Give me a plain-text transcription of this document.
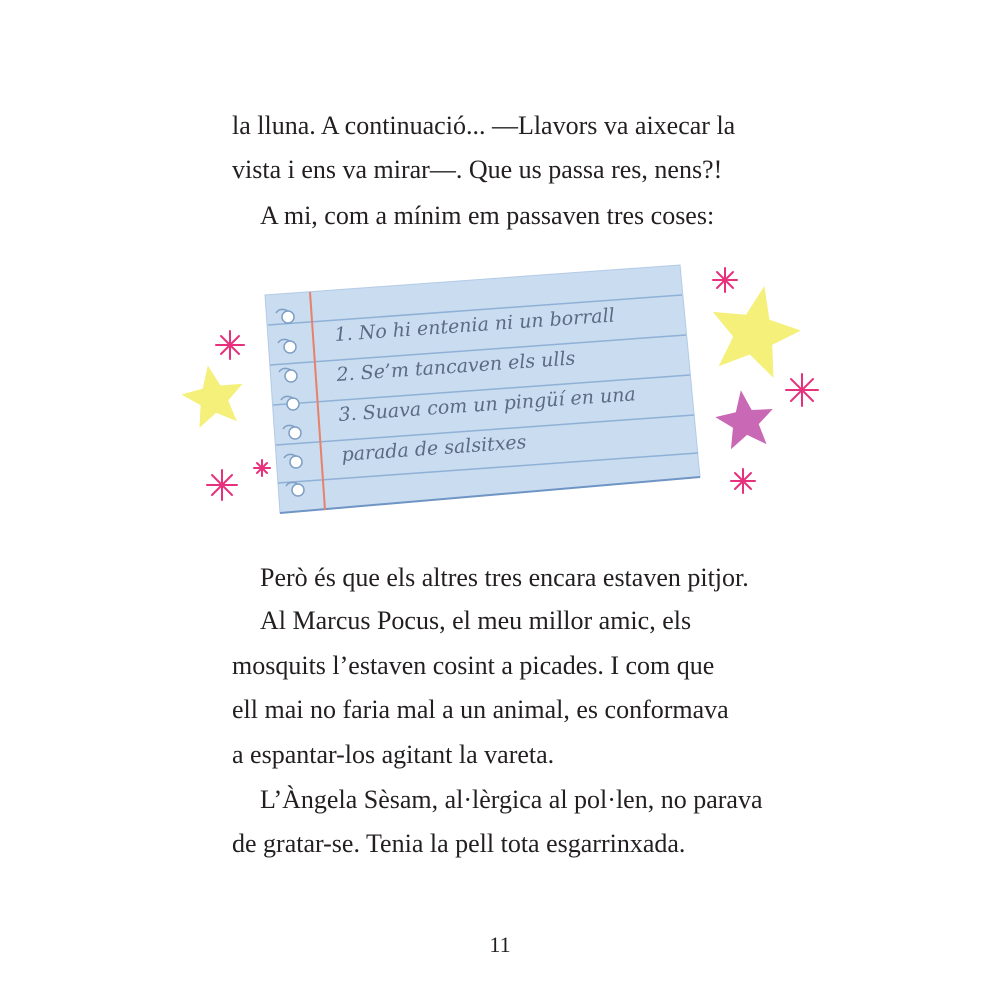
la lluna. A continuació... —Llavors va aixecar la
vista i ens va mirar—. Que us passa res, nens?!
A mi, com a mínim em passaven tres coses:
1. No hi entenia ni un borrall
2. Se’m tancaven els ulls
3. Suava com un pingüí en una
parada de salsitxes
Però és que els altres tres encara estaven pitjor.
Al Marcus Pocus, el meu millor amic, els
mosquits l’estaven cosint a picades. I com que
ell mai no faria mal a un animal, es conformava
a espantar-los agitant la vareta.
L’Àngela Sèsam, al·lèrgica al pol·len, no parava
de gratar-se. Tenia la pell tota esgarrinxada.
11
